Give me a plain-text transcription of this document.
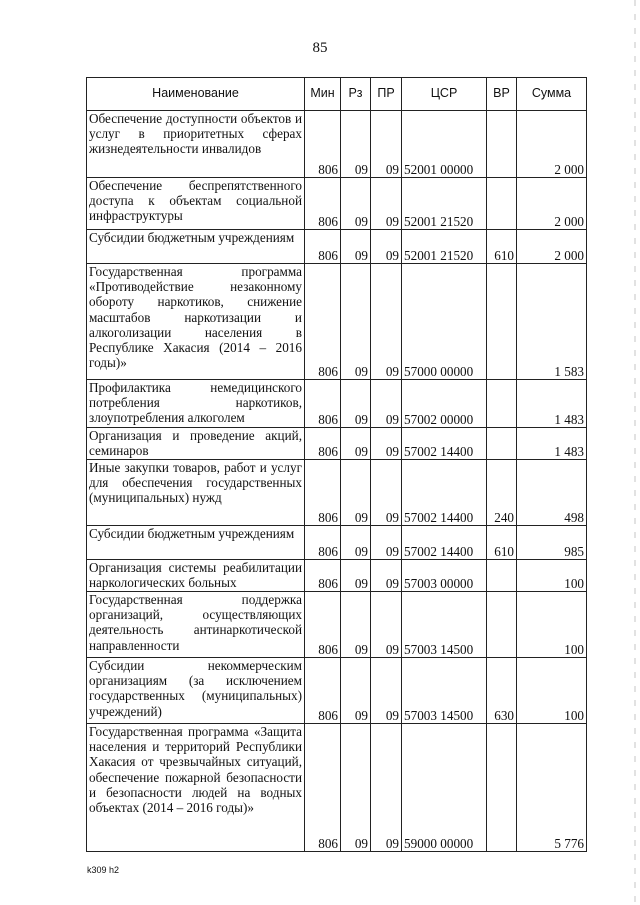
85
Наименование	Мин	Рз	ПР	ЦСР	ВР	Сумма
Обеспечение доступности объектов и услуг в приоритетных сферах жизнедеятельности инвалидов	806	09	09	52001 00000		2 000
Обеспечение беспрепятственного доступа к объектам социальной инфраструктуры	806	09	09	52001 21520		2 000
Субсидии бюджетным учреждениям	806	09	09	52001 21520	610	2 000
Государственная программа «Противодействие незаконному обороту наркотиков, снижение масштабов наркотизации и алкоголизации населения в Республике Хакасия (2014 – 2016 годы)»	806	09	09	57000 00000		1 583
Профилактика немедицинского потребления наркотиков, злоупотребления алкоголем	806	09	09	57002 00000		1 483
Организация и проведение акций, семинаров	806	09	09	57002 14400		1 483
Иные закупки товаров, работ и услуг для обеспечения государственных (муниципальных) нужд	806	09	09	57002 14400	240	498
Субсидии бюджетным учреждениям	806	09	09	57002 14400	610	985
Организация системы реабилитации наркологических больных	806	09	09	57003 00000		100
Государственная поддержка организаций, осуществляющих деятельность антинаркотической направленности	806	09	09	57003 14500		100
Субсидии некоммерческим организациям (за исключением государственных (муниципальных) учреждений)	806	09	09	57003 14500	630	100
Государственная программа «Защита населения и территорий Республики Хакасия от чрезвычайных ситуаций, обеспечение пожарной безопасности и безопасности людей на водных объектах (2014 – 2016 годы)»	806	09	09	59000 00000		5 776
k309 h2
